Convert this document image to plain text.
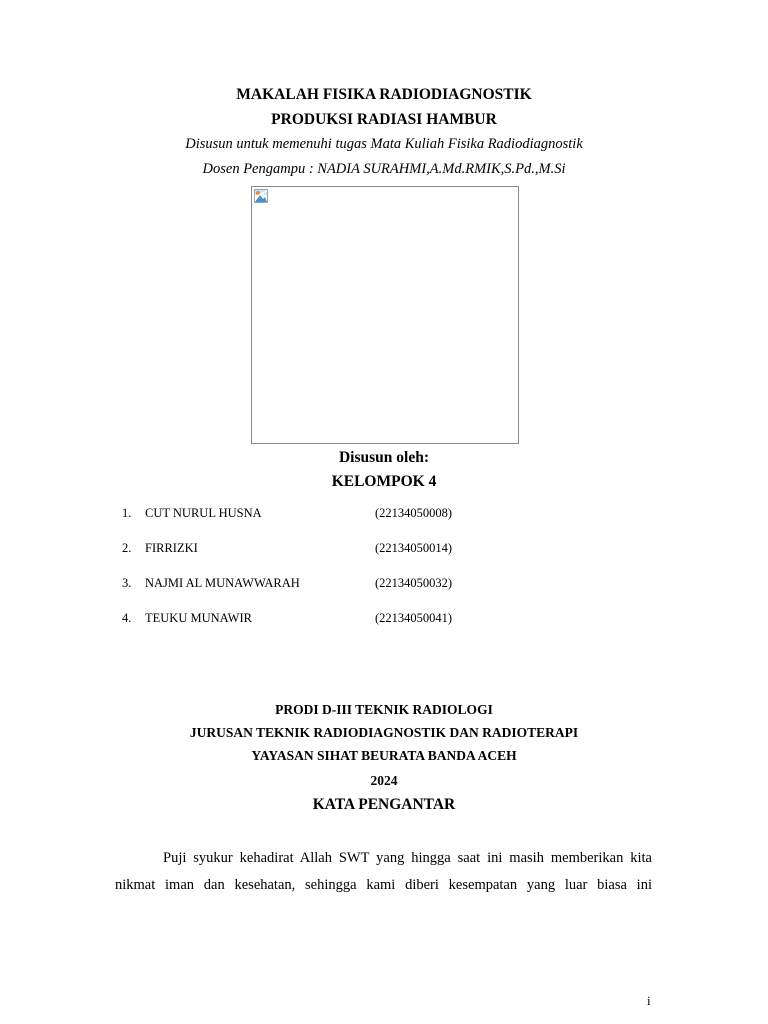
MAKALAH FISIKA RADIODIAGNOSTIK
PRODUKSI RADIASI HAMBUR
Disusun untuk memenuhi tugas Mata Kuliah Fisika Radiodiagnostik
Dosen Pengampu : NADIA SURAHMI,A.Md.RMIK,S.Pd.,M.Si
Disusun oleh:
KELOMPOK 4
1. CUT NURUL HUSNA	(22134050008)
2. FIRRIZKI	(22134050014)
3. NAJMI AL MUNAWWARAH	(22134050032)
4. TEUKU MUNAWIR	(22134050041)
PRODI D-III TEKNIK RADIOLOGI
JURUSAN TEKNIK RADIODIAGNOSTIK DAN RADIOTERAPI
YAYASAN SIHAT BEURATA BANDA ACEH
2024
KATA PENGANTAR

Puji syukur kehadirat Allah SWT yang hingga saat ini masih memberikan kita nikmat iman dan kesehatan, sehingga kami diberi kesempatan yang luar biasa ini

i
